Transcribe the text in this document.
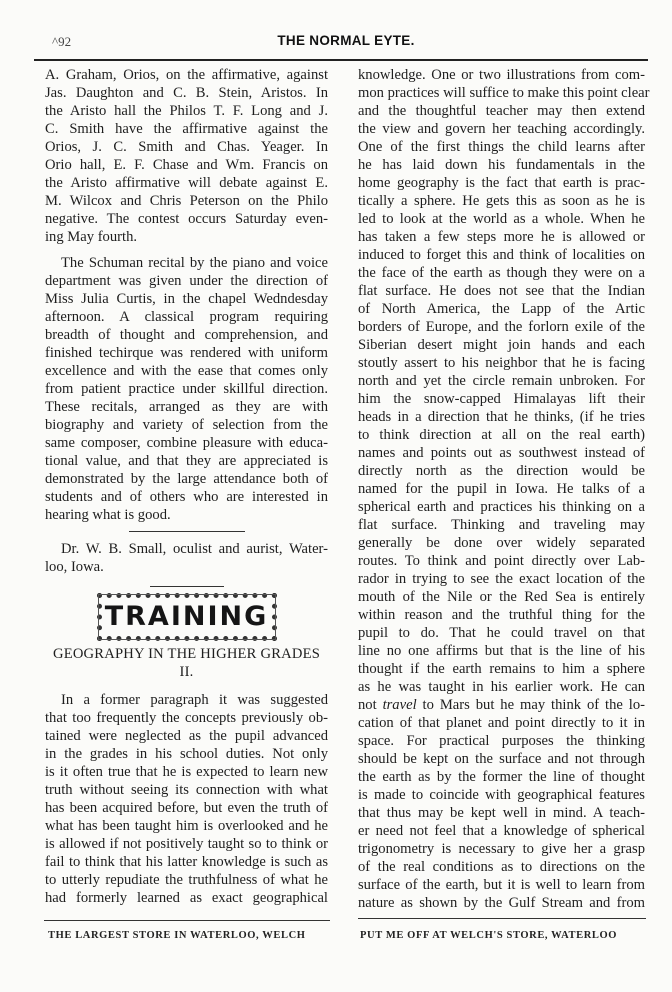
^92	THE NORMAL EYTE.

A. Graham, Orios, on the affirmative, against
Jas. Daughton and C. B. Stein, Aristos. In
the Aristo hall the Philos T. F. Long and J.
C. Smith have the affirmative against the
Orios, J. C. Smith and Chas. Yeager. In
Orio hall, E. F. Chase and Wm. Francis on
the Aristo affirmative will debate against E.
M. Wilcox and Chris Peterson on the Philo
negative. The contest occurs Saturday even-
ing May fourth.

The Schuman recital by the piano and voice
department was given under the direction of
Miss Julia Curtis, in the chapel Wedndesday
afternoon. A classical program requiring
breadth of thought and comprehension, and
finished techirque was rendered with uniform
excellence and with the ease that comes only
from patient practice under skillful direction.
These recitals, arranged as they are with
biography and variety of selection from the
same composer, combine pleasure with educa-
tional value, and that they are appreciated is
demonstrated by the large attendance both of
students and of others who are interested in
hearing what is good.

Dr. W. B. Small, oculist and aurist, Water-
loo, Iowa.

TRAINING
GEOGRAPHY IN THE HIGHER GRADES
II.

In a former paragraph it was suggested
that too frequently the concepts previously ob-
tained were neglected as the pupil advanced
in the grades in his school duties. Not only
is it often true that he is expected to learn new
truth without seeing its connection with what
has been acquired before, but even the truth of
what has been taught him is overlooked and he
is allowed if not positively taught so to think or
fail to think that his latter knowledge is such as
to utterly repudiate the truthfulness of what he
had formerly learned as exact geographical

knowledge. One or two illustrations from com-
mon practices will suffice to make this point clear
and the thoughtful teacher may then extend
the view and govern her teaching accordingly.
One of the first things the child learns after
he has laid down his fundamentals in the
home geography is the fact that earth is prac-
tically a sphere. He gets this as soon as he is
led to look at the world as a whole. When he
has taken a few steps more he is allowed or
induced to forget this and think of localities on
the face of the earth as though they were on a
flat surface. He does not see that the Indian
of North America, the Lapp of the Artic
borders of Europe, and the forlorn exile of the
Siberian desert might join hands and each
stoutly assert to his neighbor that he is facing
north and yet the circle remain unbroken. For
him the snow-capped Himalayas lift their
heads in a direction that he thinks, (if he tries
to think direction at all on the real earth)
names and points out as southwest instead of
directly north as the direction would be
named for the pupil in Iowa. He talks of a
spherical earth and practices his thinking on a
flat surface. Thinking and traveling may
generally be done over widely separated
routes. To think and point directly over Lab-
rador in trying to see the exact location of the
mouth of the Nile or the Red Sea is entirely
within reason and the truthful thing for the
pupil to do. That he could travel on that
line no one affirms but that is the line of his
thought if the earth remains to him a sphere
as he was taught in his earlier work. He can
not travel to Mars but he may think of the lo-
cation of that planet and point directly to it in
space. For practical purposes the thinking
should be kept on the surface and not through
the earth as by the former the line of thought
is made to coincide with geographical features
that thus may be kept well in mind. A teach-
er need not feel that a knowledge of spherical
trigonometry is necessary to give her a grasp
of the real conditions as to directions on the
surface of the earth, but it is well to learn from
nature as shown by the Gulf Stream and from

THE LARGEST STORE IN WATERLOO, WELCH	PUT ME OFF AT WELCH'S STORE, WATERLOO
